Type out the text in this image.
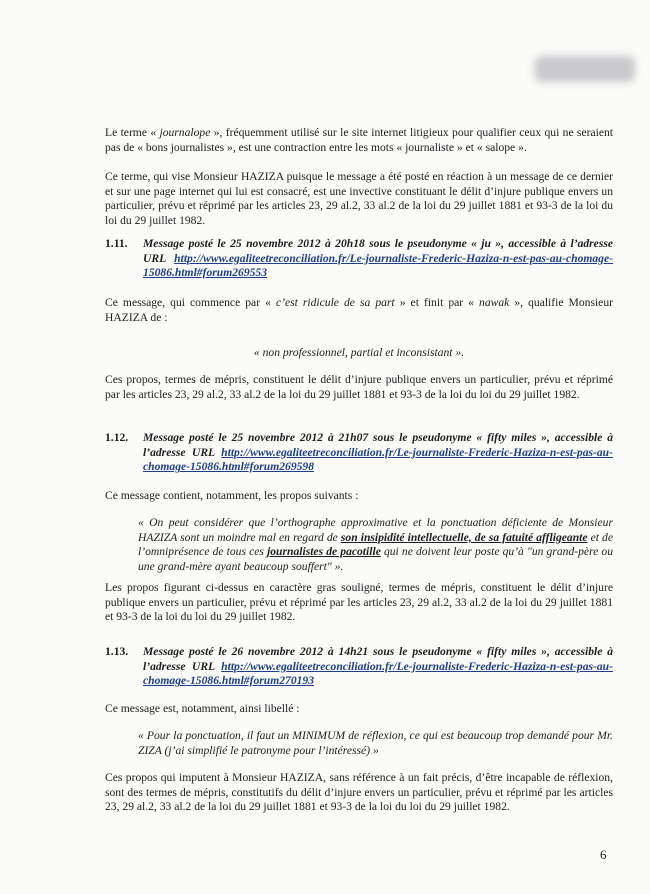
Le terme « journalope », fréquemment utilisé sur le site internet litigieux pour qualifier ceux qui ne seraient pas de « bons journalistes », est une contraction entre les mots « journaliste » et « salope ».

Ce terme, qui vise Monsieur HAZIZA puisque le message a été posté en réaction à un message de ce dernier et sur une page internet qui lui est consacré, est une invective constituant le délit d’injure publique envers un particulier, prévu et réprimé par les articles 23, 29 al.2, 33 al.2 de la loi du 29 juillet 1881 et 93-3 de la loi du loi du 29 juillet 1982.

1.11. Message posté le 25 novembre 2012 à 20h18 sous le pseudonyme « ju », accessible à l’adresse URL http://www.egaliteetreconciliation.fr/Le-journaliste-Frederic-Haziza-n-est-pas-au-chomage-15086.html#forum269553

Ce message, qui commence par « c’est ridicule de sa part » et finit par « nawak », qualifie Monsieur HAZIZA de :

« non professionnel, partial et inconsistant ».

Ces propos, termes de mépris, constituent le délit d’injure publique envers un particulier, prévu et réprimé par les articles 23, 29 al.2, 33 al.2 de la loi du 29 juillet 1881 et 93-3 de la loi du loi du 29 juillet 1982.

1.12. Message posté le 25 novembre 2012 à 21h07 sous le pseudonyme « fifty miles », accessible à l’adresse URL http://www.egaliteetreconciliation.fr/Le-journaliste-Frederic-Haziza-n-est-pas-au-chomage-15086.html#forum269598

Ce message contient, notamment, les propos suivants :

« On peut considérer que l’orthographe approximative et la ponctuation déficiente de Monsieur HAZIZA sont un moindre mal en regard de son insipidité intellectuelle, de sa fatuité affligeante et de l’omniprésence de tous ces journalistes de pacotille qui ne doivent leur poste qu’à "un grand-père ou une grand-mère ayant beaucoup souffert" ».

Les propos figurant ci-dessus en caractère gras souligné, termes de mépris, constituent le délit d’injure publique envers un particulier, prévu et réprimé par les articles 23, 29 al.2, 33 al.2 de la loi du 29 juillet 1881 et 93-3 de la loi du loi du 29 juillet 1982.

1.13. Message posté le 26 novembre 2012 à 14h21 sous le pseudonyme « fifty miles », accessible à l’adresse URL http://www.egaliteetreconciliation.fr/Le-journaliste-Frederic-Haziza-n-est-pas-au-chomage-15086.html#forum270193

Ce message est, notamment, ainsi libellé :

« Pour la ponctuation, il faut un MINIMUM de réflexion, ce qui est beaucoup trop demandé pour Mr. ZIZA (j’ai simplifié le patronyme pour l’intéressé) »

Ces propos qui imputent à Monsieur HAZIZA, sans référence à un fait précis, d’être incapable de réflexion, sont des termes de mépris, constitutifs du délit d’injure envers un particulier, prévu et réprimé par les articles 23, 29 al.2, 33 al.2 de la loi du 29 juillet 1881 et 93-3 de la loi du loi du 29 juillet 1982.

6
